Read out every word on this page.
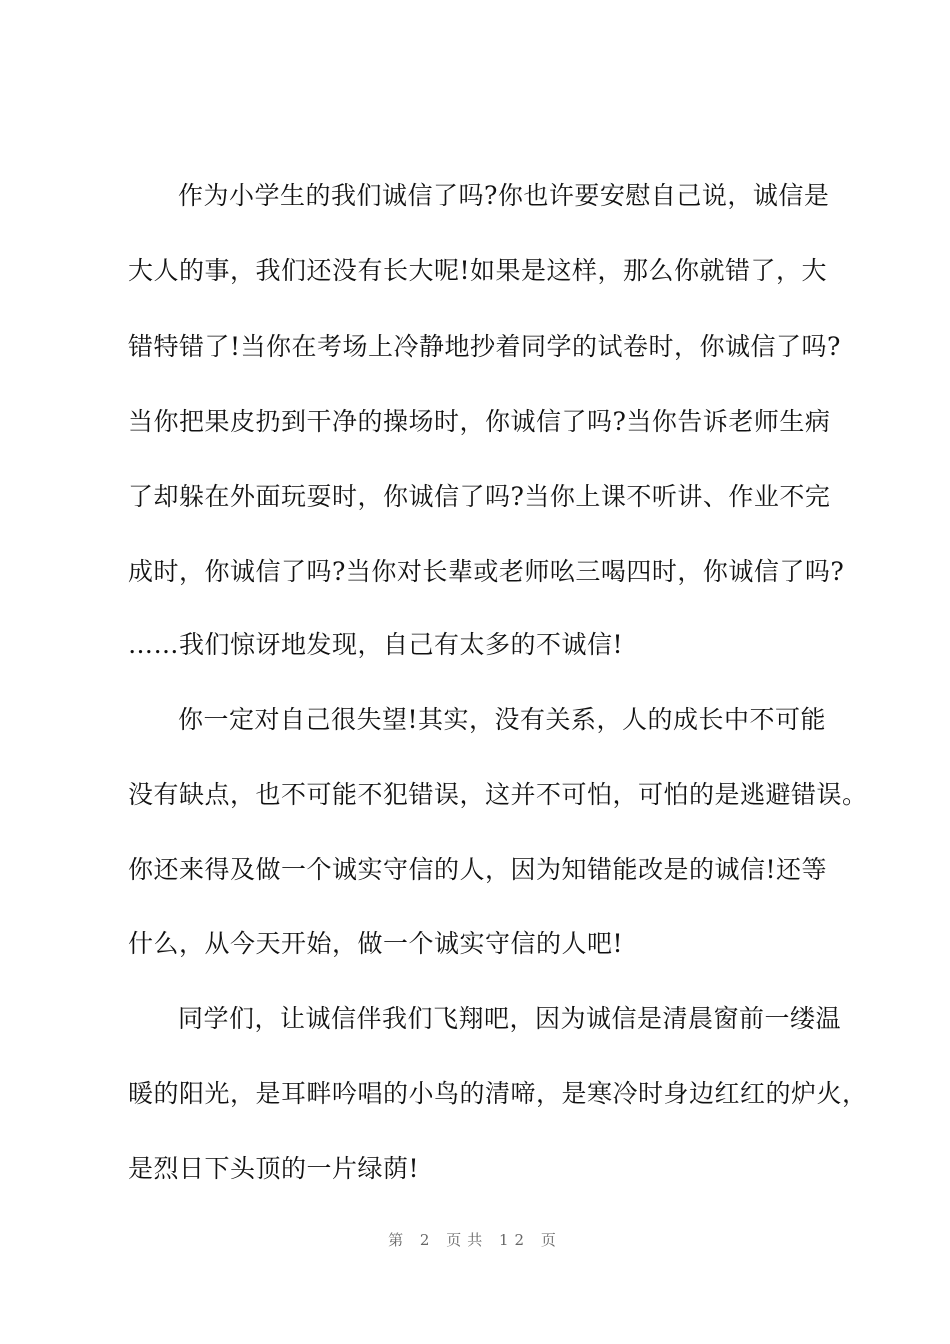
作为小学生的我们诚信了吗?你也许要安慰自己说，诚信是
大人的事，我们还没有长大呢!如果是这样，那么你就错了，大
错特错了!当你在考场上冷静地抄着同学的试卷时，你诚信了吗?
当你把果皮扔到干净的操场时，你诚信了吗?当你告诉老师生病
了却躲在外面玩耍时，你诚信了吗?当你上课不听讲、作业不完
成时，你诚信了吗?当你对长辈或老师吆三喝四时，你诚信了吗?
……我们惊讶地发现，自己有太多的不诚信!
你一定对自己很失望!其实，没有关系，人的成长中不可能
没有缺点，也不可能不犯错误，这并不可怕，可怕的是逃避错误。
你还来得及做一个诚实守信的人，因为知错能改是的诚信!还等
什么，从今天开始，做一个诚实守信的人吧!
同学们，让诚信伴我们飞翔吧，因为诚信是清晨窗前一缕温
暖的阳光，是耳畔吟唱的小鸟的清啼，是寒冷时身边红红的炉火，
是烈日下头顶的一片绿荫!
第 2 页共 12 页
